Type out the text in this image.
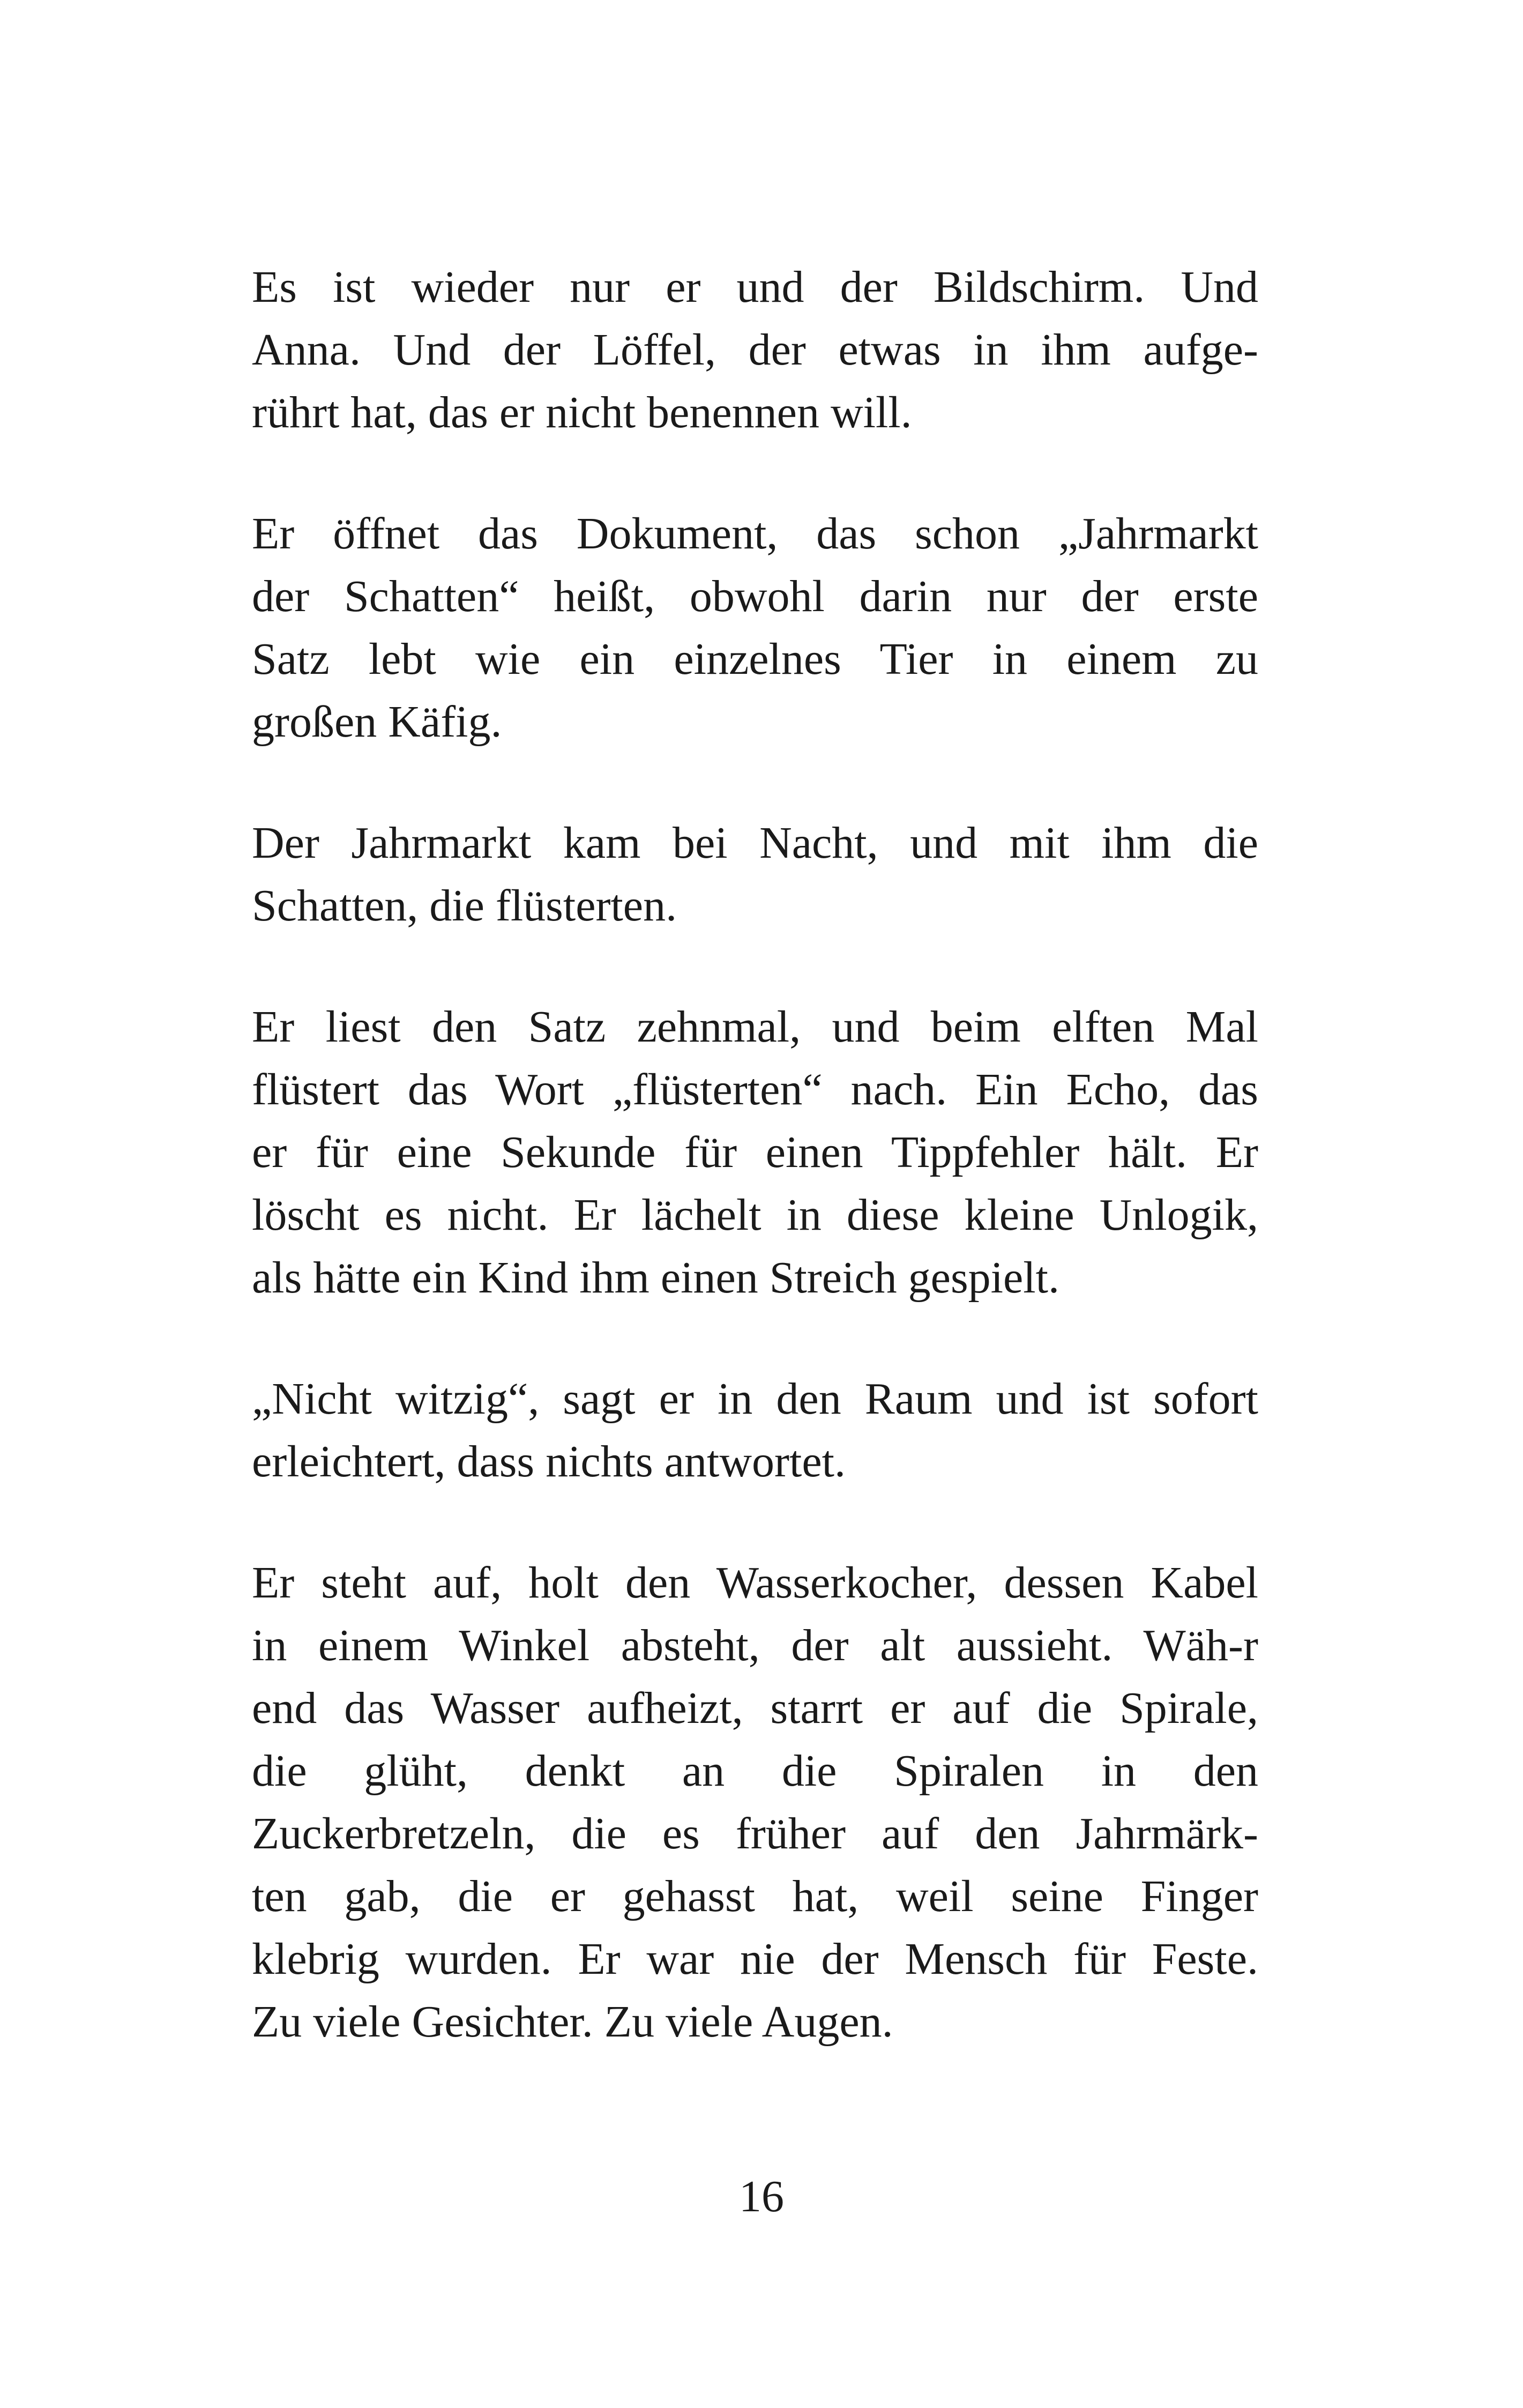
Es ist wieder nur er und der Bildschirm. Und
Anna. Und der Löffel, der etwas in ihm aufge-
rührt hat, das er nicht benennen will.
Er öffnet das Dokument, das schon „Jahrmarkt
der Schatten“ heißt, obwohl darin nur der erste
Satz lebt wie ein einzelnes Tier in einem zu
großen Käfig.
Der Jahrmarkt kam bei Nacht, und mit ihm die
Schatten, die flüsterten.
Er liest den Satz zehnmal, und beim elften Mal
flüstert das Wort „flüsterten“ nach. Ein Echo, das
er für eine Sekunde für einen Tippfehler hält. Er
löscht es nicht. Er lächelt in diese kleine Unlogik,
als hätte ein Kind ihm einen Streich gespielt.
„Nicht witzig“, sagt er in den Raum und ist sofort
erleichtert, dass nichts antwortet.
Er steht auf, holt den Wasserkocher, dessen Kabel
in einem Winkel absteht, der alt aussieht. Wäh-r
end das Wasser aufheizt, starrt er auf die Spirale,
die glüht, denkt an die Spiralen in den
Zuckerbretzeln, die es früher auf den Jahrmärk-
ten gab, die er gehasst hat, weil seine Finger
klebrig wurden. Er war nie der Mensch für Feste.
Zu viele Gesichter. Zu viele Augen.
16
